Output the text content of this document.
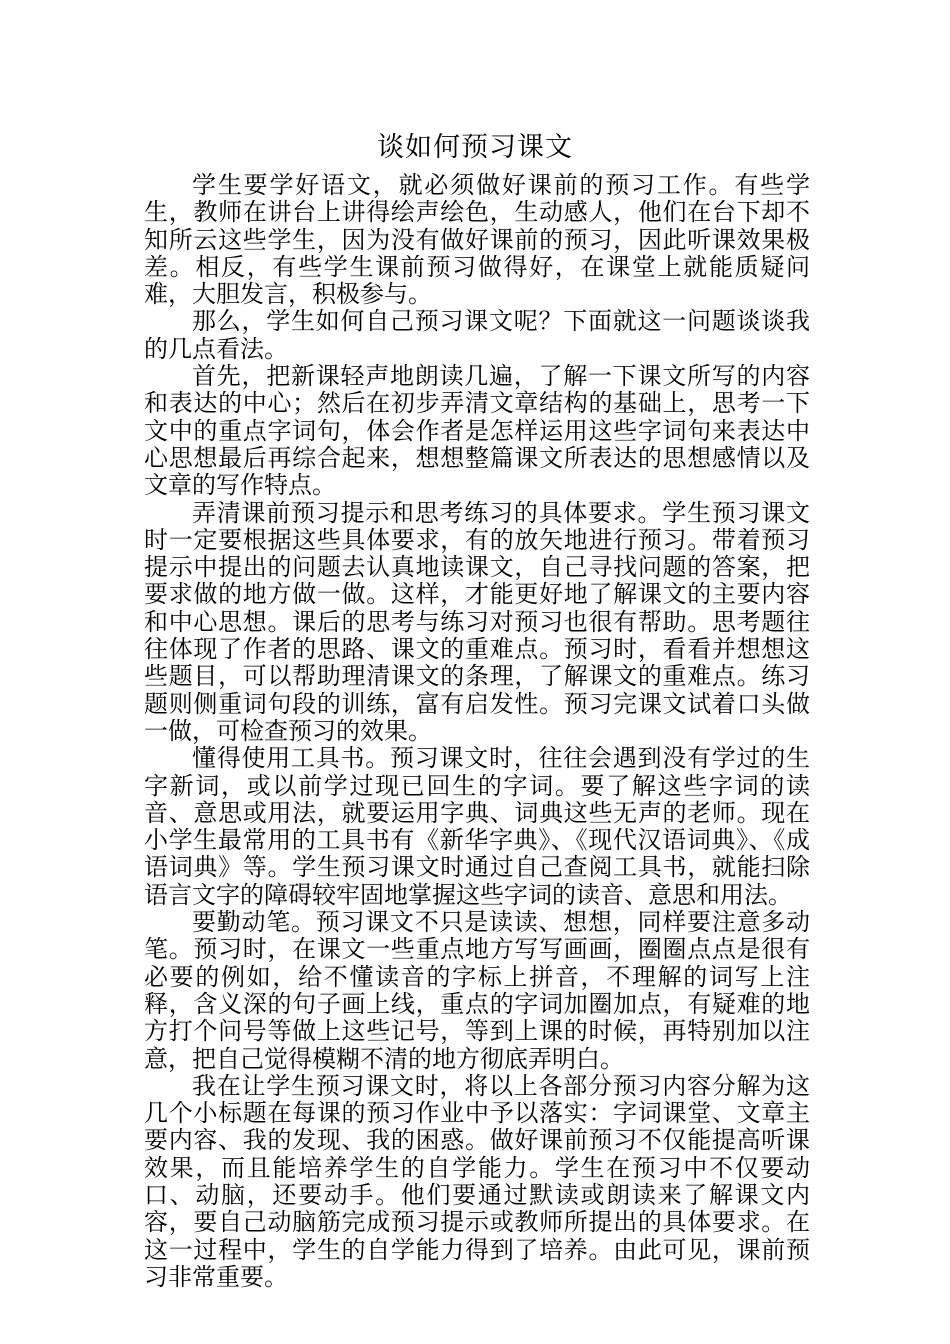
谈如何预习课文

学生要学好语文，就必须做好课前的预习工作。有些学生，教师在讲台上讲得绘声绘色，生动感人，他们在台下却不知所云这些学生，因为没有做好课前的预习，因此听课效果极差。相反，有些学生课前预习做得好，在课堂上就能质疑问难，大胆发言，积极参与。

那么，学生如何自己预习课文呢？下面就这一问题谈谈我的几点看法。

首先，把新课轻声地朗读几遍，了解一下课文所写的内容和表达的中心；然后在初步弄清文章结构的基础上，思考一下文中的重点字词句，体会作者是怎样运用这些字词句来表达中心思想最后再综合起来，想想整篇课文所表达的思想感情以及文章的写作特点。

弄清课前预习提示和思考练习的具体要求。学生预习课文时一定要根据这些具体要求，有的放矢地进行预习。带着预习提示中提出的问题去认真地读课文，自己寻找问题的答案，把要求做的地方做一做。这样，才能更好地了解课文的主要内容和中心思想。课后的思考与练习对预习也很有帮助。思考题往往体现了作者的思路、课文的重难点。预习时，看看并想想这些题目，可以帮助理清课文的条理，了解课文的重难点。练习题则侧重词句段的训练，富有启发性。预习完课文试着口头做一做，可检查预习的效果。

懂得使用工具书。预习课文时，往往会遇到没有学过的生字新词，或以前学过现已回生的字词。要了解这些字词的读音、意思或用法，就要运用字典、词典这些无声的老师。现在小学生最常用的工具书有《新华字典》、《现代汉语词典》、《成语词典》等。学生预习课文时通过自己查阅工具书，就能扫除语言文字的障碍较牢固地掌握这些字词的读音、意思和用法。

要勤动笔。预习课文不只是读读、想想，同样要注意多动笔。预习时，在课文一些重点地方写写画画，圈圈点点是很有必要的例如，给不懂读音的字标上拼音，不理解的词写上注释，含义深的句子画上线，重点的字词加圈加点，有疑难的地方打个问号等做上这些记号，等到上课的时候，再特别加以注意，把自己觉得模糊不清的地方彻底弄明白。

我在让学生预习课文时，将以上各部分预习内容分解为这几个小标题在每课的预习作业中予以落实：字词课堂、文章主要内容、我的发现、我的困惑。做好课前预习不仅能提高听课效果，而且能培养学生的自学能力。学生在预习中不仅要动口、动脑，还要动手。他们要通过默读或朗读来了解课文内容，要自己动脑筋完成预习提示或教师所提出的具体要求。在这一过程中，学生的自学能力得到了培养。由此可见，课前预习非常重要。
